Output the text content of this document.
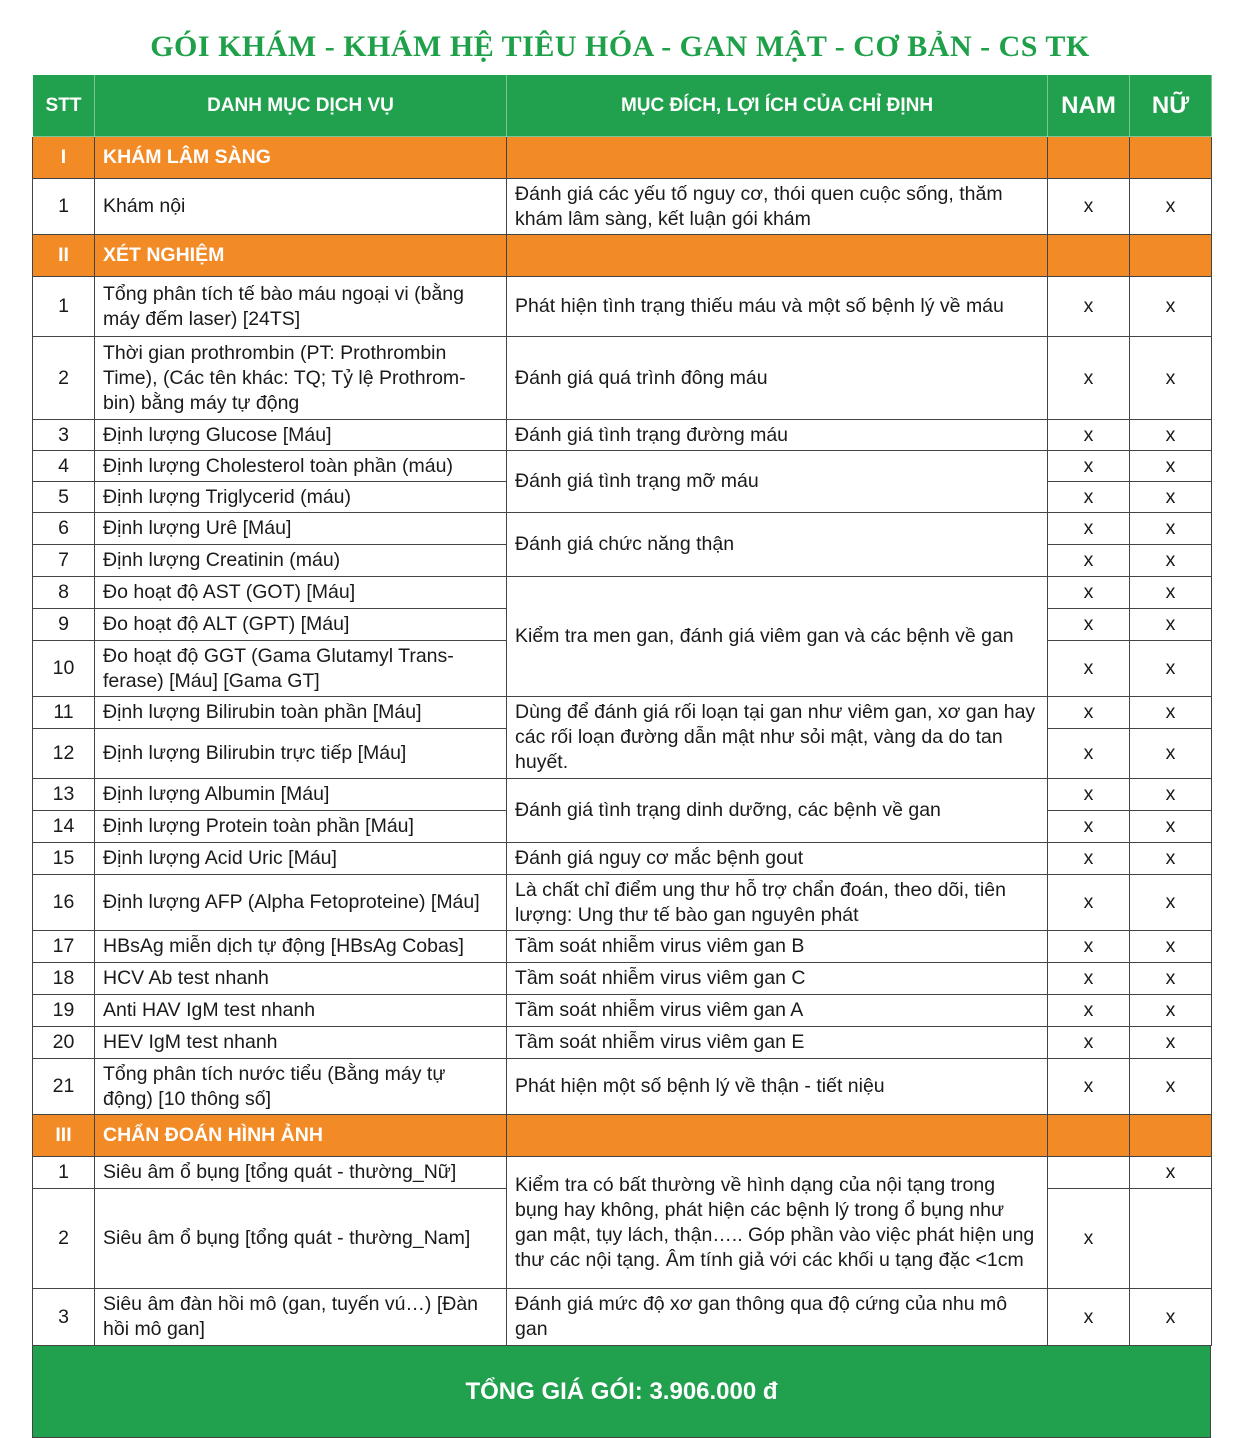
GÓI KHÁM - KHÁM HỆ TIÊU HÓA - GAN MẬT - CƠ BẢN - CS TK
STT	DANH MỤC DỊCH VỤ	MỤC ĐÍCH, LỢI ÍCH CỦA CHỈ ĐỊNH	NAM	NỮ
I	KHÁM LÂM SÀNG			
1	Khám nội	Đánh giá các yếu tố nguy cơ, thói quen cuộc sống, thăm khám lâm sàng, kết luận gói khám	x	x
II	XÉT NGHIỆM			
1	Tổng phân tích tế bào máu ngoại vi (bằng máy đếm laser) [24TS]	Phát hiện tình trạng thiếu máu và một số bệnh lý về máu	x	x
2	Thời gian prothrombin (PT: Prothrombin Time), (Các tên khác: TQ; Tỷ lệ Prothrom-bin) bằng máy tự động	Đánh giá quá trình đông máu	x	x
3	Định lượng Glucose [Máu]	Đánh giá tình trạng đường máu	x	x
4	Định lượng Cholesterol toàn phần (máu)	Đánh giá tình trạng mỡ máu	x	x
5	Định lượng Triglycerid (máu)		x	x
6	Định lượng Urê [Máu]	Đánh giá chức năng thận	x	x
7	Định lượng Creatinin (máu)		x	x
8	Đo hoạt độ AST (GOT) [Máu]	Kiểm tra men gan, đánh giá viêm gan và các bệnh về gan	x	x
9	Đo hoạt độ ALT (GPT) [Máu]		x	x
10	Đo hoạt độ GGT (Gama Glutamyl Trans-ferase) [Máu] [Gama GT]		x	x
11	Định lượng Bilirubin toàn phần [Máu]	Dùng để đánh giá rối loạn tại gan như viêm gan, xơ gan hay các rối loạn đường dẫn mật như sỏi mật, vàng da do tan huyết.	x	x
12	Định lượng Bilirubin trực tiếp [Máu]		x	x
13	Định lượng Albumin [Máu]	Đánh giá tình trạng dinh dưỡng, các bệnh về gan	x	x
14	Định lượng Protein toàn phần [Máu]		x	x
15	Định lượng Acid Uric [Máu]	Đánh giá nguy cơ mắc bệnh gout	x	x
16	Định lượng AFP (Alpha Fetoproteine) [Máu]	Là chất chỉ điểm ung thư hỗ trợ chẩn đoán, theo dõi, tiên lượng: Ung thư tế bào gan nguyên phát	x	x
17	HBsAg miễn dịch tự động [HBsAg Cobas]	Tầm soát nhiễm virus viêm gan B	x	x
18	HCV Ab test nhanh	Tầm soát nhiễm virus viêm gan C	x	x
19	Anti HAV IgM test nhanh	Tầm soát nhiễm virus viêm gan A	x	x
20	HEV IgM test nhanh	Tầm soát nhiễm virus viêm gan E	x	x
21	Tổng phân tích nước tiểu (Bằng máy tự động) [10 thông số]	Phát hiện một số bệnh lý về thận - tiết niệu	x	x
III	CHẨN ĐOÁN HÌNH ẢNH			
1	Siêu âm ổ bụng [tổng quát - thường_Nữ]	Kiểm tra có bất thường về hình dạng của nội tạng trong bụng hay không, phát hiện các bệnh lý trong ổ bụng như gan mật, tụy lách, thận….. Góp phần vào việc phát hiện ung thư các nội tạng. Âm tính giả với các khối u tạng đặc <1cm		x
2	Siêu âm ổ bụng [tổng quát - thường_Nam]		x	
3	Siêu âm đàn hồi mô (gan, tuyến vú…) [Đàn hồi mô gan]	Đánh giá mức độ xơ gan thông qua độ cứng của nhu mô gan	x	x
TỔNG GIÁ GÓI: 3.906.000 đ
